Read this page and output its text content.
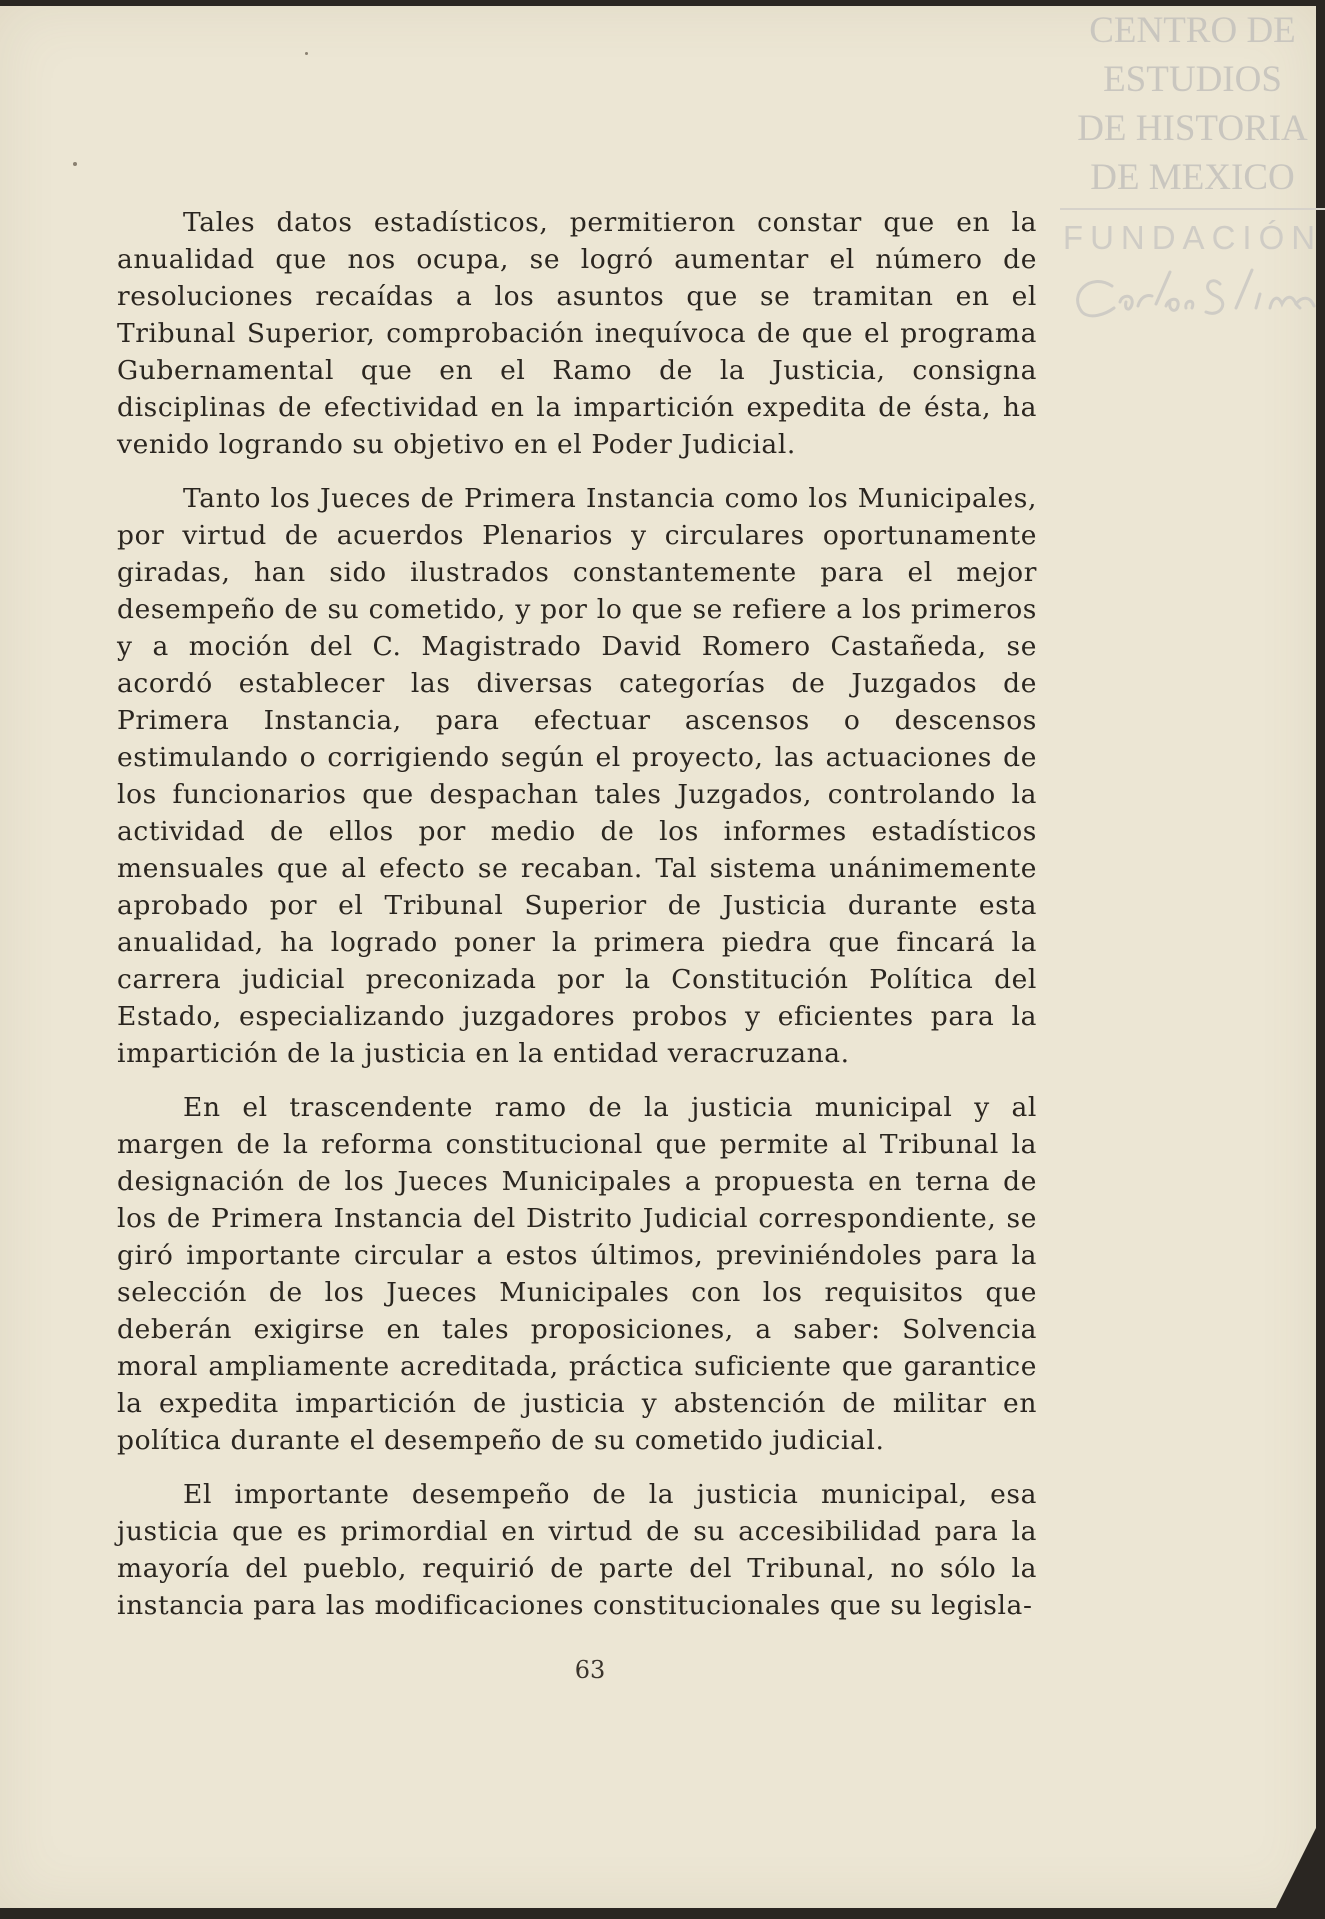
Tales datos estadísticos, permitieron constar que en la anualidad que nos ocupa, se logró aumentar el número de resoluciones recaídas a los asuntos que se tramitan en el Tribunal Superior, comprobación inequívoca de que el programa Gubernamental que en el Ramo de la Justicia, consigna disciplinas de efectividad en la impartición expedita de ésta, ha venido logrando su objetivo en el Poder Judicial.

Tanto los Jueces de Primera Instancia como los Municipales, por virtud de acuerdos Plenarios y circulares oportunamente giradas, han sido ilustrados constantemente para el mejor desempeño de su cometido, y por lo que se refiere a los primeros y a moción del C. Magistrado David Romero Castañeda, se acordó establecer las diversas categorías de Juzgados de Primera Instancia, para efectuar ascensos o descensos estimulando o corrigiendo según el proyecto, las actuaciones de los funcionarios que despachan tales Juzgados, controlando la actividad de ellos por medio de los informes estadísticos mensuales que al efecto se recaban. Tal sistema unánimemente aprobado por el Tribunal Superior de Justicia durante esta anualidad, ha logrado poner la primera piedra que fincará la carrera judicial preconizada por la Constitución Política del Estado, especializando juzgadores probos y eficientes para la impartición de la justicia en la entidad veracruzana.

En el trascendente ramo de la justicia municipal y al margen de la reforma constitucional que permite al Tribunal la designación de los Jueces Municipales a propuesta en terna de los de Primera Instancia del Distrito Judicial correspondiente, se giró importante circular a estos últimos, previniéndoles para la selección de los Jueces Municipales con los requisitos que deberán exigirse en tales proposiciones, a saber: Solvencia moral ampliamente acreditada, práctica suficiente que garantice la expedita impartición de justicia y abstención de militar en política durante el desempeño de su cometido judicial.

El importante desempeño de la justicia municipal, esa justicia que es primordial en virtud de su accesibilidad para la mayoría del pueblo, requirió de parte del Tribunal, no sólo la instancia para las modificaciones constitucionales que su legisla-

63
CENTRO DE
ESTUDIOS
DE HISTORIA
DE MEXICO
FUNDACIÓN
